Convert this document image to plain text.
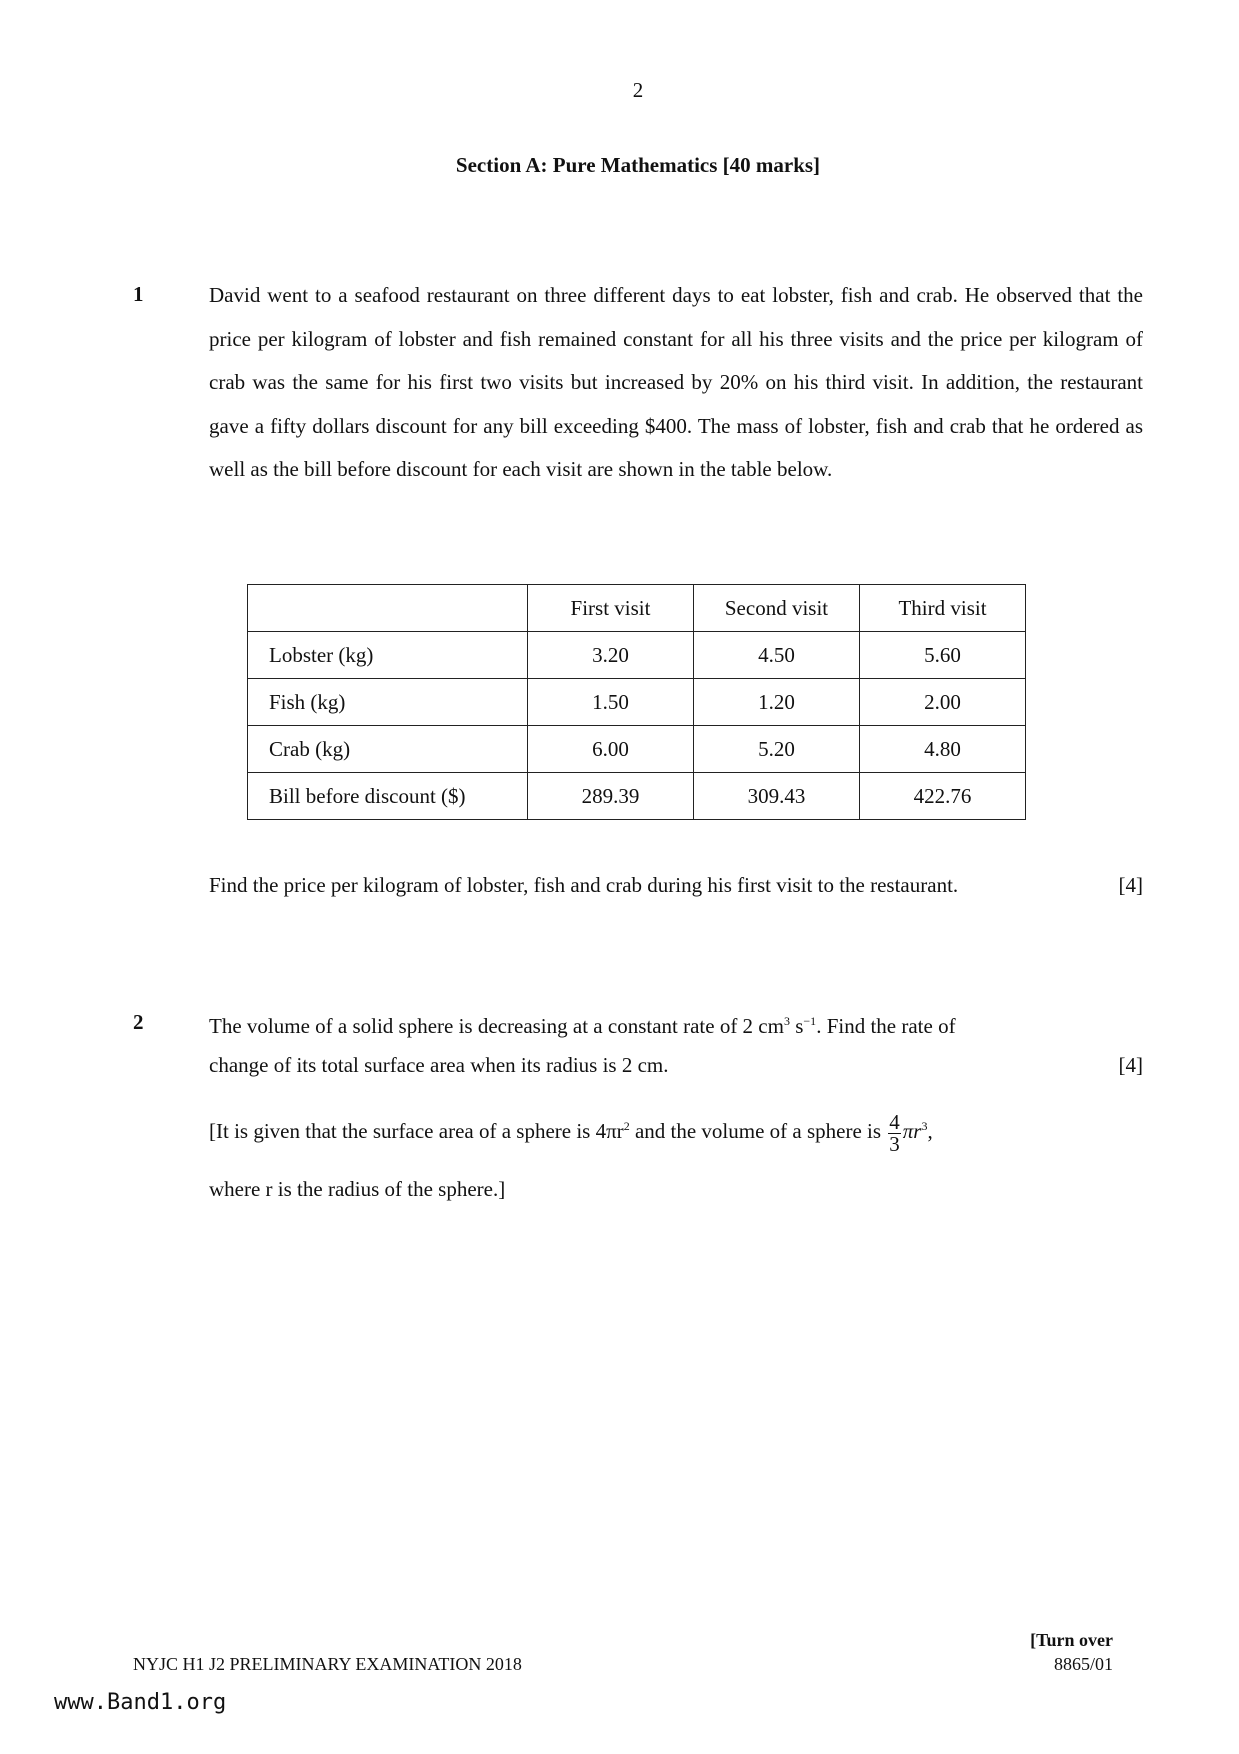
2
Section A: Pure Mathematics [40 marks]
1	David went to a seafood restaurant on three different days to eat lobster, fish and crab. He observed that the price per kilogram of lobster and fish remained constant for all his three visits and the price per kilogram of crab was the same for his first two visits but increased by 20% on his third visit. In addition, the restaurant gave a fifty dollars discount for any bill exceeding $400. The mass of lobster, fish and crab that he ordered as well as the bill before discount for each visit are shown in the table below.
	First visit	Second visit	Third visit
Lobster (kg)	3.20	4.50	5.60
Fish (kg)	1.50	1.20	2.00
Crab (kg)	6.00	5.20	4.80
Bill before discount ($)	289.39	309.43	422.76
Find the price per kilogram of lobster, fish and crab during his first visit to the restaurant.	[4]
2	The volume of a solid sphere is decreasing at a constant rate of 2 $cm^3$ $s^{-1}$. Find the rate of
change of its total surface area when its radius is 2 cm.	[4]
[It is given that the surface area of a sphere is $4\pi r^2$ and the volume of a sphere is $\frac{4}{3} \pi r^3$,
where r is the radius of the sphere.]
NYJC H1 J2 PRELIMINARY EXAMINATION 2018
[Turn over
8865/01
www.Band1.org
